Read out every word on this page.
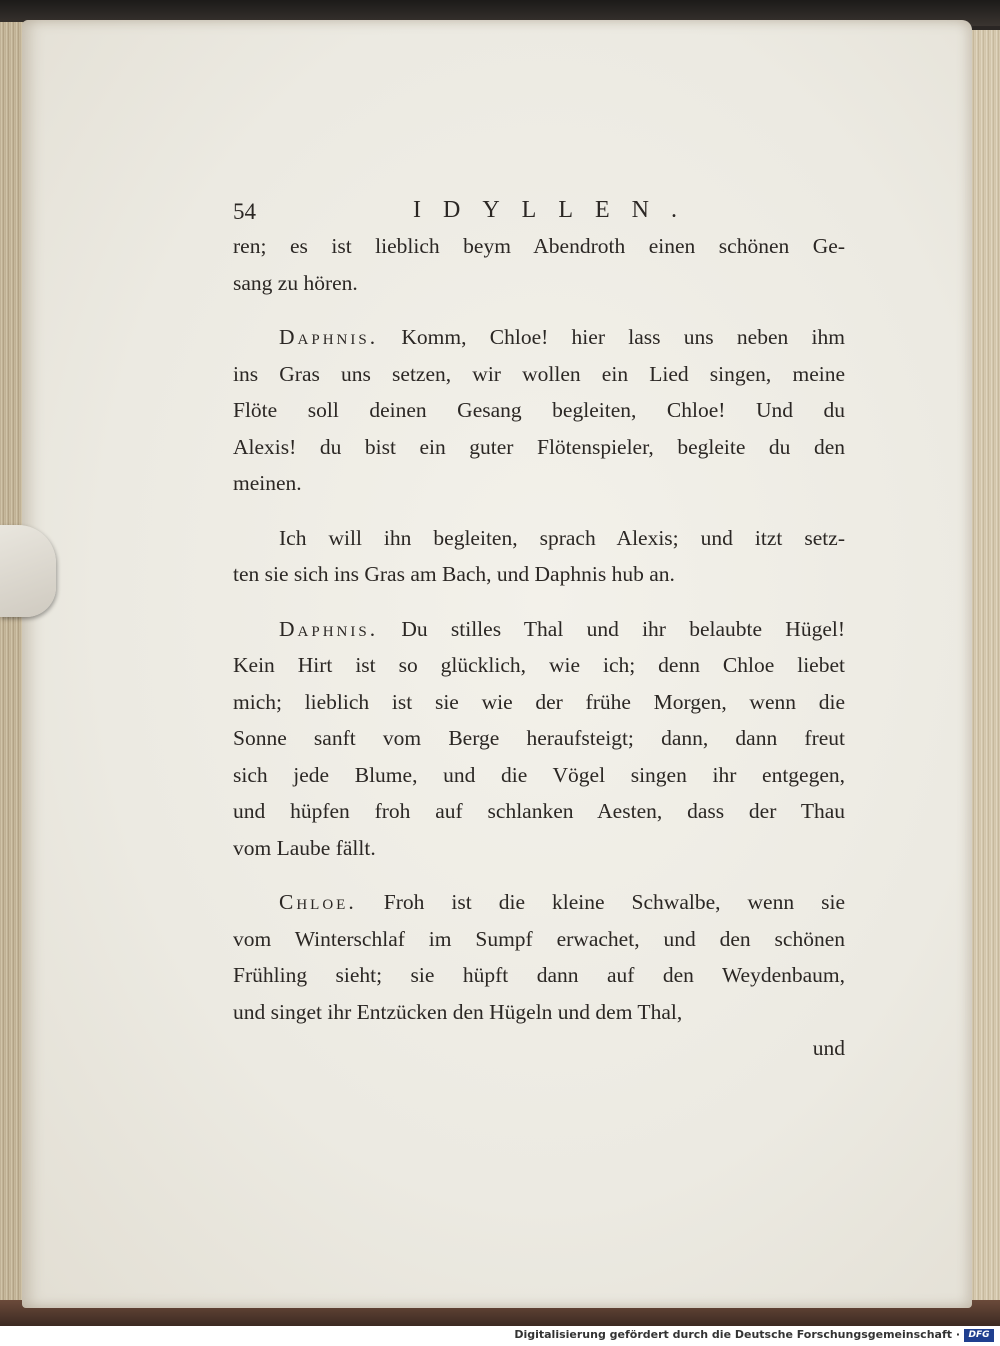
54	IDYLLEN.
ren; es ist lieblich beym Abendroth einen schönen Ge-
sang zu hören.
Daphnis. Komm, Chloe! hier lass uns neben ihm
ins Gras uns setzen, wir wollen ein Lied singen, meine
Flöte soll deinen Gesang begleiten, Chloe! Und du
Alexis! du bist ein guter Flötenspieler, begleite du den
meinen.
Ich will ihn begleiten, sprach Alexis; und itzt setz-
ten sie sich ins Gras am Bach, und Daphnis hub an.
Daphnis. Du stilles Thal und ihr belaubte Hügel!
Kein Hirt ist so glücklich, wie ich; denn Chloe liebet
mich; lieblich ist sie wie der frühe Morgen, wenn die
Sonne sanft vom Berge heraufsteigt; dann, dann freut
sich jede Blume, und die Vögel singen ihr entgegen,
und hüpfen froh auf schlanken Aesten, dass der Thau
vom Laube fällt.
Chloe. Froh ist die kleine Schwalbe, wenn sie
vom Winterschlaf im Sumpf erwachet, und den schönen
Frühling sieht; sie hüpft dann auf den Weydenbaum,
und singet ihr Entzücken den Hügeln und dem Thal,
und
Digitalisierung gefördert durch die Deutsche Forschungsgemeinschaft · DFG
